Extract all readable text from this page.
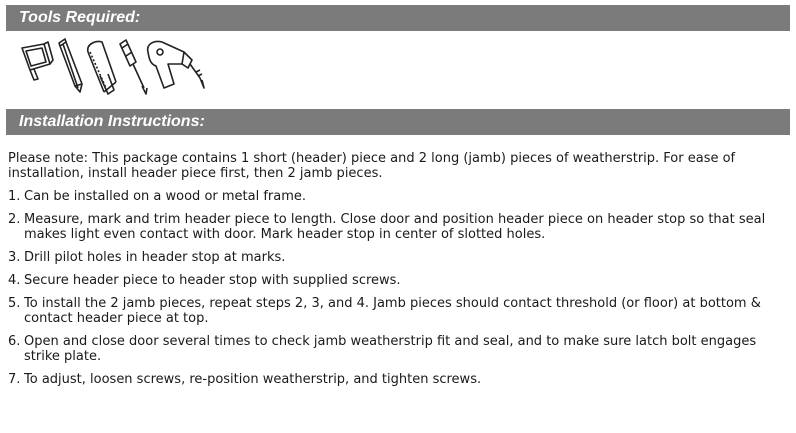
Tools Required:
Installation Instructions:

Please note: This package contains 1 short (header) piece and 2 long (jamb) pieces of weatherstrip. For ease of installation, install header piece first, then 2 jamb pieces.

1. Can be installed on a wood or metal frame.
2. Measure, mark and trim header piece to length. Close door and position header piece on header stop so that seal makes light even contact with door. Mark header stop in center of slotted holes.
3. Drill pilot holes in header stop at marks.
4. Secure header piece to header stop with supplied screws.
5. To install the 2 jamb pieces, repeat steps 2, 3, and 4. Jamb pieces should contact threshold (or floor) at bottom & contact header piece at top.
6. Open and close door several times to check jamb weatherstrip fit and seal, and to make sure latch bolt engages strike plate.
7. To adjust, loosen screws, re-position weatherstrip, and tighten screws.
